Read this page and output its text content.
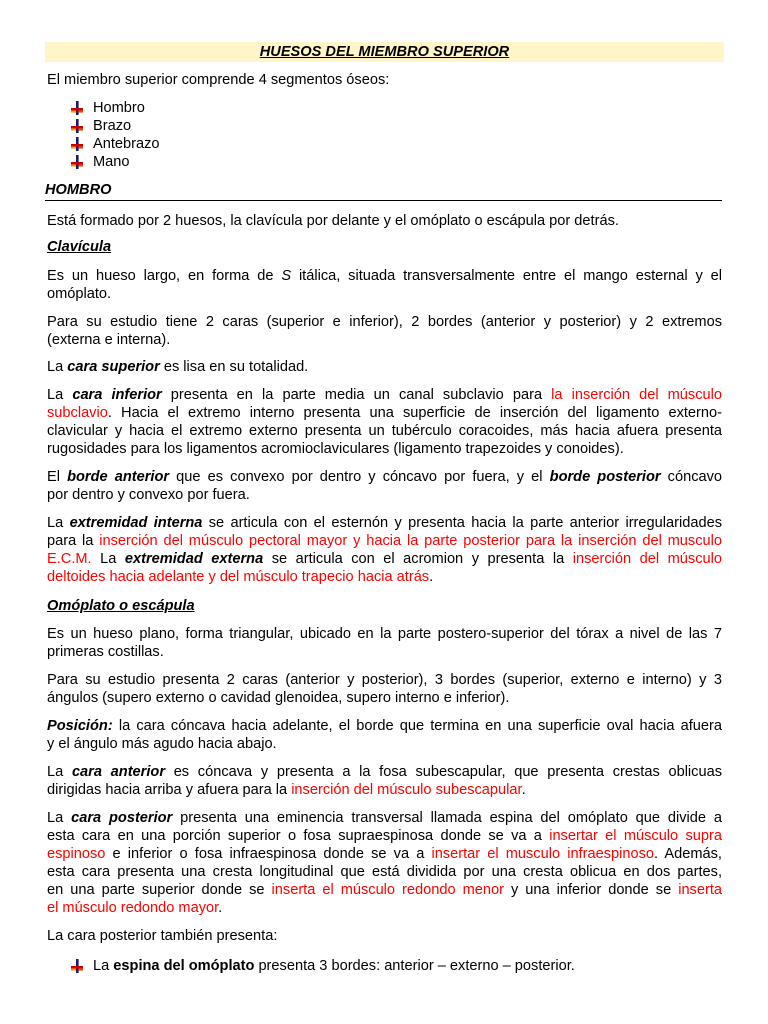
HUESOS DEL MIEMBRO SUPERIOR
El miembro superior comprende 4 segmentos óseos:
Hombro
Brazo
Antebrazo
Mano
HOMBRO
Está formado por 2 huesos, la clavícula por delante y el omóplato o escápula por detrás.
Clavícula
Es un hueso largo, en forma de S itálica, situada transversalmente entre el mango esternal y el
omóplato.
Para su estudio tiene 2 caras (superior e inferior), 2 bordes (anterior y posterior) y 2 extremos
(externa e interna).
La cara superior es lisa en su totalidad.
La cara inferior presenta en la parte media un canal subclavio para la inserción del músculo
subclavio. Hacia el extremo interno presenta una superficie de inserción del ligamento externo-
clavicular y hacia el extremo externo presenta un tubérculo coracoides, más hacia afuera presenta
rugosidades para los ligamentos acromioclaviculares (ligamento trapezoides y conoides).
El borde anterior que es convexo por dentro y cóncavo por fuera, y el borde posterior cóncavo
por dentro y convexo por fuera.
La extremidad interna se articula con el esternón y presenta hacia la parte anterior irregularidades
para la inserción del músculo pectoral mayor y hacia la parte posterior para la inserción del musculo
E.C.M. La extremidad externa se articula con el acromion y presenta la inserción del músculo
deltoides hacia adelante y del músculo trapecio hacia atrás.
Omóplato o escápula
Es un hueso plano, forma triangular, ubicado en la parte postero-superior del tórax a nivel de las 7
primeras costillas.
Para su estudio presenta 2 caras (anterior y posterior), 3 bordes (superior, externo e interno) y 3
ángulos (supero externo o cavidad glenoidea, supero interno e inferior).
Posición: la cara cóncava hacia adelante, el borde que termina en una superficie oval hacia afuera
y el ángulo más agudo hacia abajo.
La cara anterior es cóncava y presenta a la fosa subescapular, que presenta crestas oblicuas
dirigidas hacia arriba y afuera para la inserción del músculo subescapular.
La cara posterior presenta una eminencia transversal llamada espina del omóplato que divide a
esta cara en una porción superior o fosa supraespinosa donde se va a insertar el músculo supra
espinoso e inferior o fosa infraespinosa donde se va a insertar el musculo infraespinoso. Además,
esta cara presenta una cresta longitudinal que está dividida por una cresta oblicua en dos partes,
en una parte superior donde se inserta el músculo redondo menor y una inferior donde se inserta
el músculo redondo mayor.
La cara posterior también presenta:
La espina del omóplato presenta 3 bordes: anterior – externo – posterior.
